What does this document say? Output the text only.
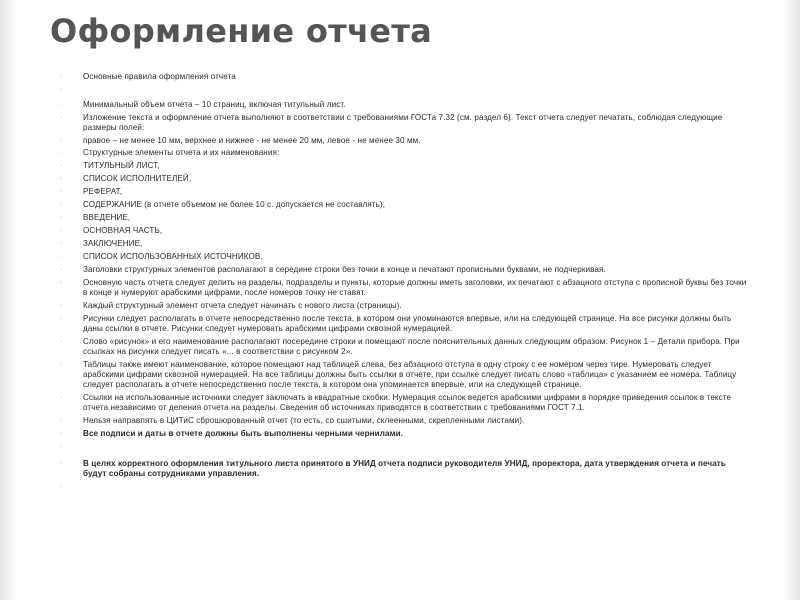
Оформление отчета
◦	Основные правила оформления отчета
◦
◦	Минимальный объем отчета – 10 страниц, включая титульный лист.
◦	Изложение текста и оформление отчета выполняют в соответствии с требованиями ГОСТа 7.32 (см. раздел 6). Текст отчета следует печатать, соблюдая следующие размеры полей:
◦	правое – не менее 10 мм, верхнее и нижнее - не менее 20 мм, левое - не менее 30 мм.
◦	Структурные элементы отчета и их наименования:
◦	ТИТУЛЬНЫЙ ЛИСТ,
◦	СПИСОК ИСПОЛНИТЕЛЕЙ,
◦	РЕФЕРАТ,
◦	СОДЕРЖАНИЕ (в отчете объемом не более 10 с. допускается не составлять),
◦	ВВЕДЕНИЕ,
◦	ОСНОВНАЯ ЧАСТЬ,
◦	ЗАКЛЮЧЕНИЕ,
◦	СПИСОК ИСПОЛЬЗОВАННЫХ ИСТОЧНИКОВ.
◦	Заголовки структурных элементов располагают в середине строки без точки в конце и печатают прописными буквами, не подчеркивая.
◦	Основную часть отчета следует делить на разделы, подразделы и пункты, которые должны иметь заголовки, их печатают с абзацного отступа с прописной буквы без точки в конце и нумеруют арабскими цифрами, после номеров точку не ставят.
◦	Каждый структурный элемент отчета следует начинать с нового листа (страницы).
◦	Рисунки следует располагать в отчете непосредственно после текста, в котором они упоминаются впервые, или на следующей странице. На все рисунки должны быть даны ссылки в отчете. Рисунки следует нумеровать арабскими цифрами сквозной нумерацией.
◦	Слово «рисунок» и его наименование располагают посередине строки и помещают после пояснительных данных следующим образом: Рисунок 1 – Детали прибора. При ссылках на рисунки следует писать «... в соответствии с рисунком 2».
◦	Таблицы также имеют наименование, которое помещают над таблицей слева, без абзацного отступа в одну строку с ее номером через тире. Нумеровать следует арабскими цифрами сквозной нумерацией. На все таблицы должны быть ссылки в отчете, при ссылке следует писать слово «таблица» с указанием ее номера. Таблицу следует располагать в отчете непосредственно после текста, в котором она упоминается впервые, или на следующей странице.
◦	Ссылки на использованные источники следует заключать в квадратные скобки. Нумерация ссылок ведется арабскими цифрами в порядке приведения ссылок в тексте отчета независимо от деления отчета на разделы. Сведения об источниках приводятся в соответствии с требованиями ГОСТ 7.1.
◦	Нельзя направлять в ЦИТиС сброшюрованный отчет (то есть, со сшитыми, склеенными, скрепленными листами).
◦	Все подписи и даты в отчете должны быть выполнены черными чернилами.
◦
◦	В целях корректного оформления титульного листа принятого в УНИД отчета подписи руководителя УНИД, проректора, дата утверждения отчета и печать будут собраны сотрудниками управления.
◦
